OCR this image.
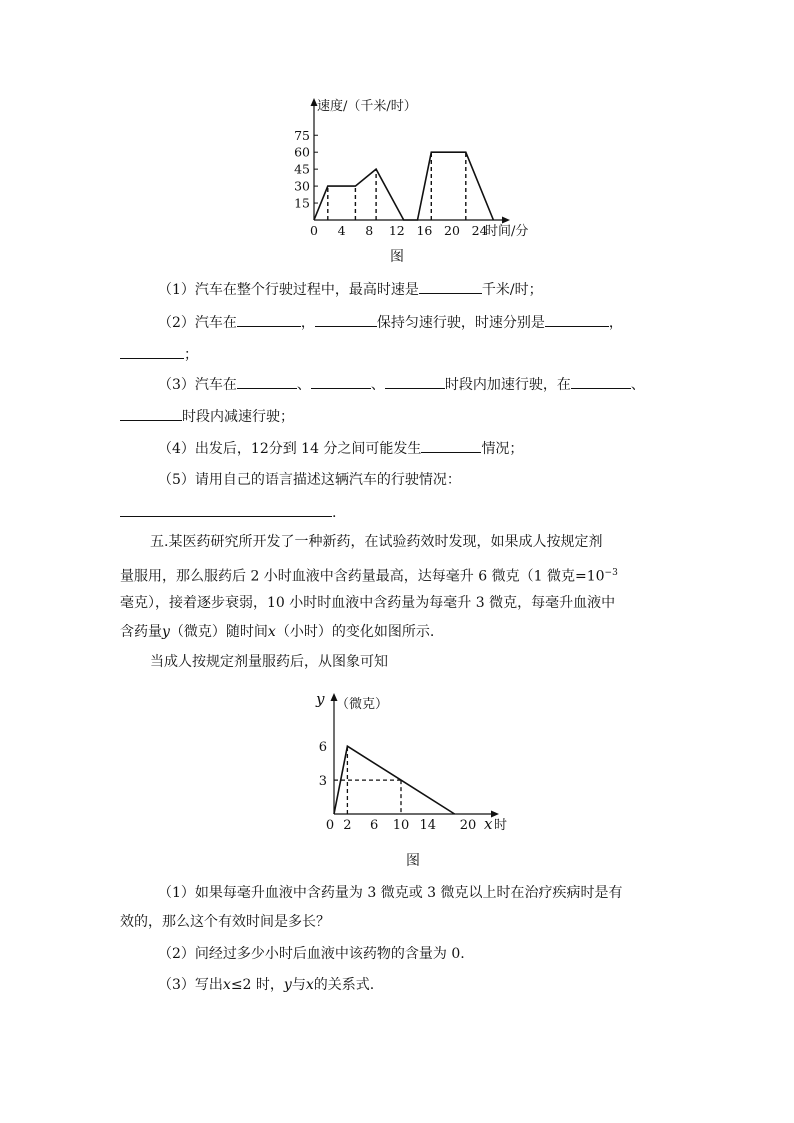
15
30
45
60
75
0 4 8 12 16 20 24
速度/（千米/时）
时间/分
图
（1）汽车在整个行驶过程中，最高时速是	千米/时；
（2）汽车在	，	保持匀速行驶，时速分别是	，
；
（3）汽车在	、	、	时段内加速行驶，在	、
时段内减速行驶；
（4）出发后，12分到 14 分之间可能发生	情况；
（5）请用自己的语言描述这辆汽车的行驶情况：
.
五.某医药研究所开发了一种新药，在试验药效时发现，如果成人按规定剂
量服用，那么服药后 2 小时血液中含药量最高，达每毫升 6 微克（1 微克$=10^{-3}$
毫克），接着逐步衰弱，10 小时时血液中含药量为每毫升 3 微克，每毫升血液中
含药量y（微克）随时间x（小时）的变化如图所示.
当成人按规定剂量服药后，从图象可知
3
6
0 2 6 10 14 20
y （微克）
x 时
图
（1）如果每毫升血液中含药量为 3 微克或 3 微克以上时在治疗疾病时是有
效的，那么这个有效时间是多长？
（2）问经过多少小时后血液中该药物的含量为 0.
（3）写出x≤2 时，y与x的关系式.
